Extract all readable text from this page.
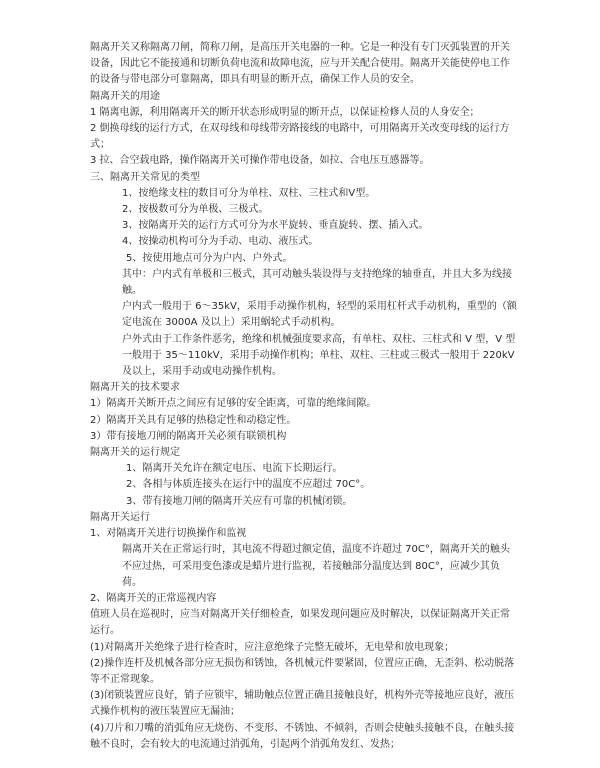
隔离开关又称隔离刀闸，简称刀闸，是高压开关电器的一种。它是一种没有专门灭弧装置的开关设备，因此它不能接通和切断负荷电流和故障电流，应与开关配合使用。隔离开关能使停电工作的设备与带电部分可靠隔离，即具有明显的断开点，确保工作人员的安全。

隔离开关的用途

1 隔离电源，利用隔离开关的断开状态形成明显的断开点，以保证检修人员的人身安全；

2 倒换母线的运行方式，在双母线和母线带旁路接线的电路中，可用隔离开关改变母线的运行方式；

3 拉、合空载电路，操作隔离开关可操作带电设备，如拉、合电压互感器等。

三、隔离开关常见的类型

1、按绝缘支柱的数目可分为单柱、双柱、三柱式和V型。

2、按极数可分为单极、三极式。

3、按隔离开关的运行方式可分为水平旋转、垂直旋转、摆、插入式。

4、按操动机构可分为手动、电动、液压式。

5、按使用地点可分为户内、户外式。

其中：户内式有单极和三极式，其可动触头装设得与支持绝缘的轴垂直，并且大多为线接触。

户内式一般用于 6～35kV，采用手动操作机构，轻型的采用杠杆式手动机构，重型的（额定电流在 3000A 及以上）采用蜗轮式手动机构。

户外式由于工作条件恶劣，绝缘和机械强度要求高，有单柱、双柱、三柱式和 V 型，V 型一般用于 35～110kV，采用手动操作机构；单柱、双柱、三柱或三极式一般用于 220kV 及以上，采用手动或电动操作机构。

隔离开关的技术要求

1）隔离开关断开点之间应有足够的安全距离，可靠的绝缘间隙。

2）隔离开关具有足够的热稳定性和动稳定性。

3）带有接地刀闸的隔离开关必须有联锁机构

隔离开关的运行规定

1、隔离开关允许在额定电压、电流下长期运行。

2、各相与体质连接头在运行中的温度不应超过 70C°。

3、带有接地刀闸的隔离开关应有可靠的机械闭锁。

隔离开关运行

1、对隔离开关进行切换操作和监视

隔离开关在正常运行时，其电流不得超过额定值，温度不许超过 70C°，隔离开关的触头不应过热，可采用变色漆或是蜡片进行监视，若接触部分温度达到 80C°，应减少其负荷。

2、隔离开关的正常巡视内容

值班人员在巡视时，应当对隔离开关仔细检查，如果发现问题应及时解决，以保证隔离开关正常运行。

(1)对隔离开关绝缘子进行检查时，应注意绝缘子完整无破坏，无电晕和放电现象；

(2)操作连杆及机械各部分应无损伤和锈蚀，各机械元件要紧固，位置应正确，无歪斜、松动脱落等不正常现象。

(3)闭锁装置应良好，销子应锁牢，辅助触点位置正确且接触良好，机构外壳等接地应良好，液压式操作机构的液压装置应无漏油；

(4)刀片和刀嘴的消弧角应无烧伤、不变形、不锈蚀、不倾斜，否则会使触头接触不良，在触头接触不良时，会有较大的电流通过消弧角，引起两个消弧角发红、发热；
